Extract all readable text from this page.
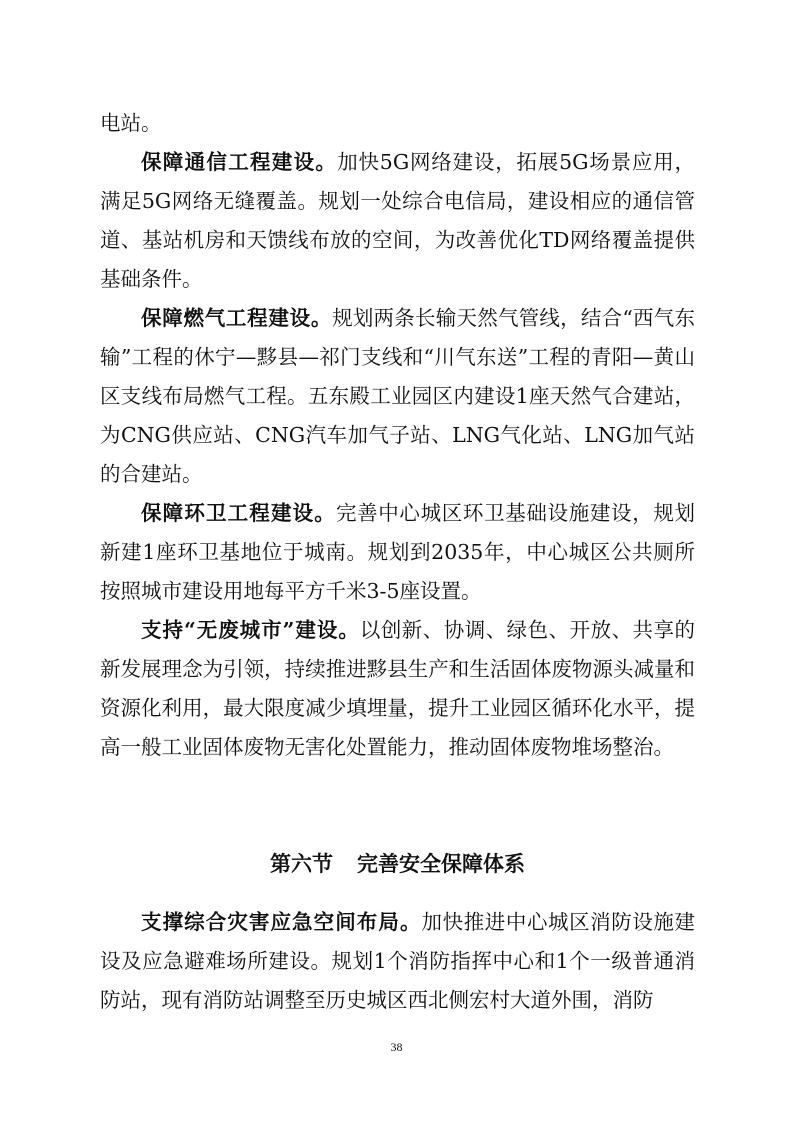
电站。

保障通信工程建设。加快5G网络建设，拓展5G场景应用，满足5G网络无缝覆盖。规划一处综合电信局，建设相应的通信管道、基站机房和天馈线布放的空间，为改善优化TD网络覆盖提供基础条件。

保障燃气工程建设。规划两条长输天然气管线，结合“西气东输”工程的休宁—黟县—祁门支线和“川气东送”工程的青阳—黄山区支线布局燃气工程。五东殿工业园区内建设1座天然气合建站，为CNG供应站、CNG汽车加气子站、LNG气化站、LNG加气站的合建站。

保障环卫工程建设。完善中心城区环卫基础设施建设，规划新建1座环卫基地位于城南。规划到2035年，中心城区公共厕所按照城市建设用地每平方千米3-5座设置。

支持“无废城市”建设。以创新、协调、绿色、开放、共享的新发展理念为引领，持续推进黟县生产和生活固体废物源头减量和资源化利用，最大限度减少填埋量，提升工业园区循环化水平，提高一般工业固体废物无害化处置能力，推动固体废物堆场整治。

第六节 完善安全保障体系

支撑综合灾害应急空间布局。加快推进中心城区消防设施建设及应急避难场所建设。规划1个消防指挥中心和1个一级普通消防站，现有消防站调整至历史城区西北侧宏村大道外围，消防

38
